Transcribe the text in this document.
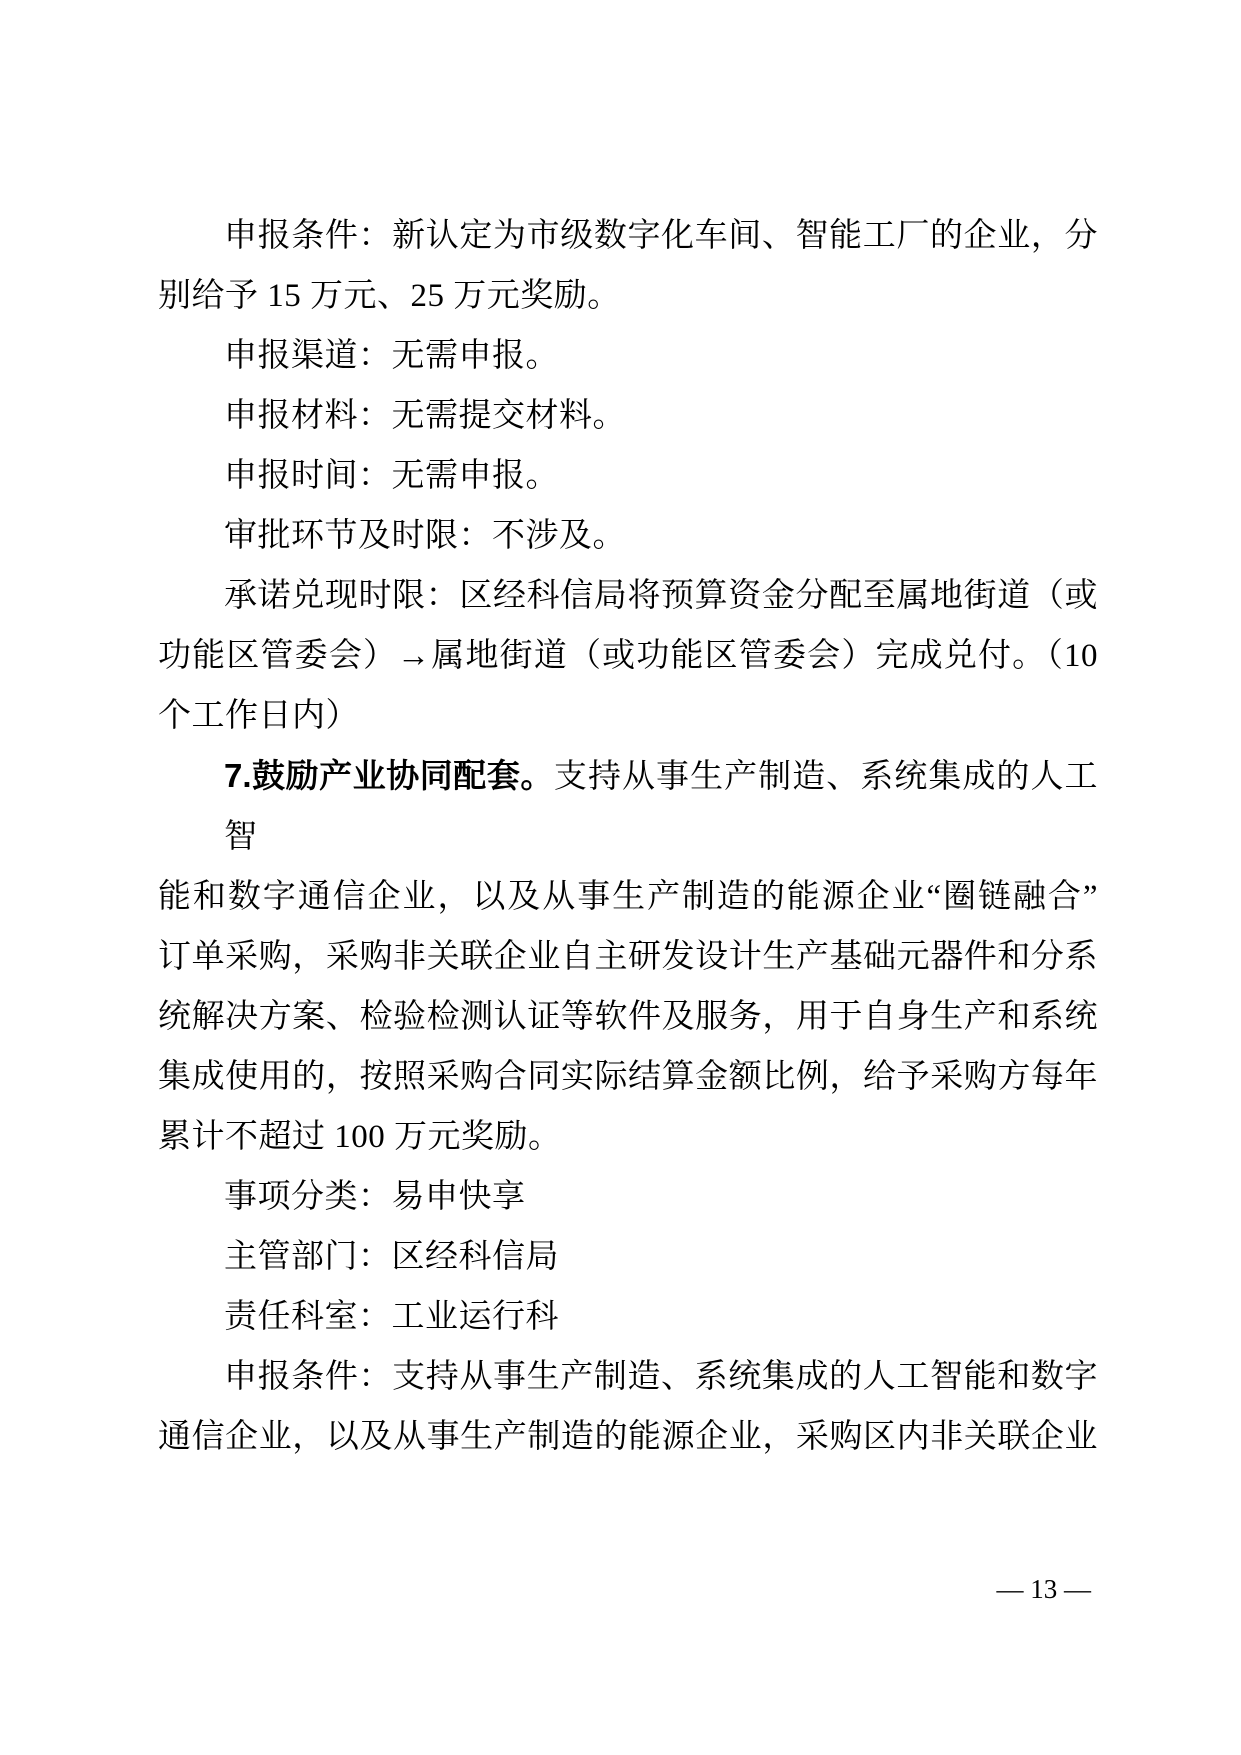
申报条件：新认定为市级数字化车间、智能工厂的企业，分
别给予 15 万元、25 万元奖励。
申报渠道：无需申报。
申报材料：无需提交材料。
申报时间：无需申报。
审批环节及时限：不涉及。
承诺兑现时限：区经科信局将预算资金分配至属地街道（或
功能区管委会）→属地街道（或功能区管委会）完成兑付。（10
个工作日内）
7.鼓励产业协同配套。支持从事生产制造、系统集成的人工智
能和数字通信企业，以及从事生产制造的能源企业“圈链融合”
订单采购，采购非关联企业自主研发设计生产基础元器件和分系
统解决方案、检验检测认证等软件及服务，用于自身生产和系统
集成使用的，按照采购合同实际结算金额比例，给予采购方每年
累计不超过 100 万元奖励。
事项分类：易申快享
主管部门：区经科信局
责任科室：工业运行科
申报条件：支持从事生产制造、系统集成的人工智能和数字
通信企业，以及从事生产制造的能源企业，采购区内非关联企业
— 13 —
